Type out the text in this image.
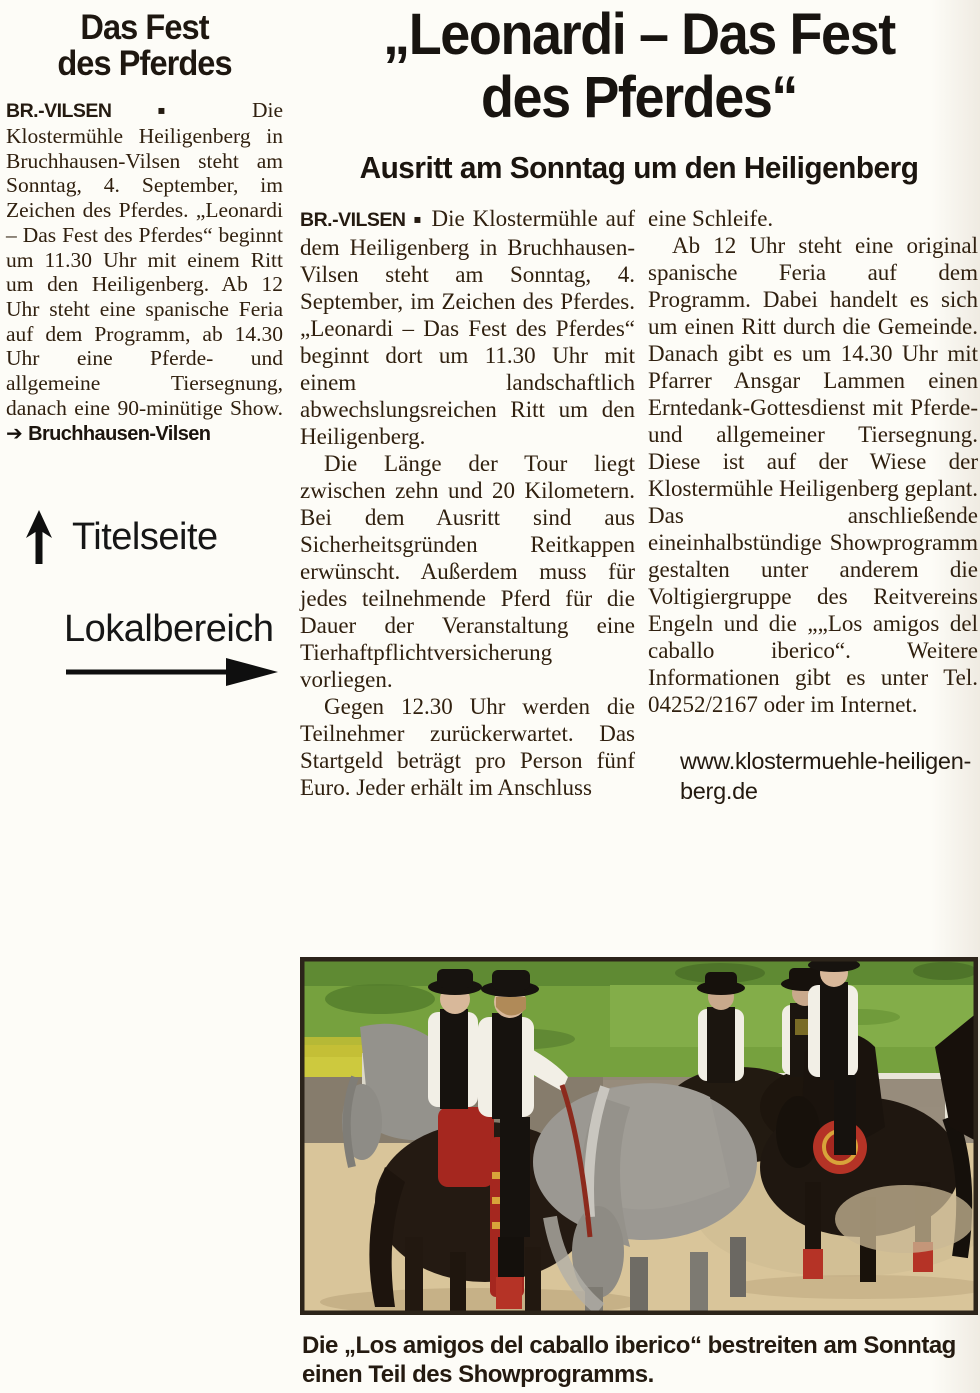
Das Fest
des Pferdes

BR.-VILSEN	▪ Die Klostermühle Heiligenberg in Bruchhausen-Vilsen steht am Sonntag, 4. September, im Zeichen des Pferdes. „Leonardi – Das Fest des Pferdes“ beginnt um 11.30 Uhr mit einem Ritt um den Heiligenberg. Ab 12 Uhr steht eine spanische Feria auf dem Programm, ab 14.30 Uhr eine Pferde- und allgemeine Tiersegnung, danach eine 90-minütige Show. ➔ Bruchhausen-Vilsen

Titelseite
Lokalbereich
„Leonardi – Das Fest
des Pferdes“
Ausritt am Sonntag um den Heiligenberg

BR.-VILSEN ▪ Die Klostermühle auf dem Heiligenberg in Bruchhausen-Vilsen steht am Sonntag, 4. September, im Zeichen des Pferdes. „Leonardi – Das Fest des Pferdes“ beginnt dort um 11.30 Uhr mit einem landschaftlich abwechslungsreichen Ritt um den Heiligenberg.

Die Länge der Tour liegt zwischen zehn und 20 Kilometern. Bei dem Ausritt sind aus Sicherheitsgründen Reitkappen erwünscht. Außerdem muss für jedes teilnehmende Pferd für die Dauer der Veranstaltung eine Tierhaftpflichtversicherung vorliegen.

Gegen 12.30 Uhr werden die Teilnehmer zurückerwartet. Das Startgeld beträgt pro Person fünf Euro. Jeder erhält im Anschluss

eine Schleife.

Ab 12 Uhr steht eine original spanische Feria auf dem Programm. Dabei handelt es sich um einen Ritt durch die Gemeinde. Danach gibt es um 14.30 Uhr mit Pfarrer Ansgar Lammen einen Erntedank-Gottesdienst mit Pferde- und allgemeiner Tiersegnung. Diese ist auf der Wiese der Klostermühle Heiligenberg geplant. Das anschließende eineinhalbstündige Showprogramm gestalten unter anderem die Voltigiergruppe des Reitvereins Engeln und die „„Los amigos del caballo iberico“. Weitere Informationen gibt es unter Tel. 04252/2167 oder im Internet.

www.klostermuehle-heiligen-
berg.de
Die „Los amigos del caballo iberico“ bestreiten am Sonntag einen Teil des Showprogramms.
